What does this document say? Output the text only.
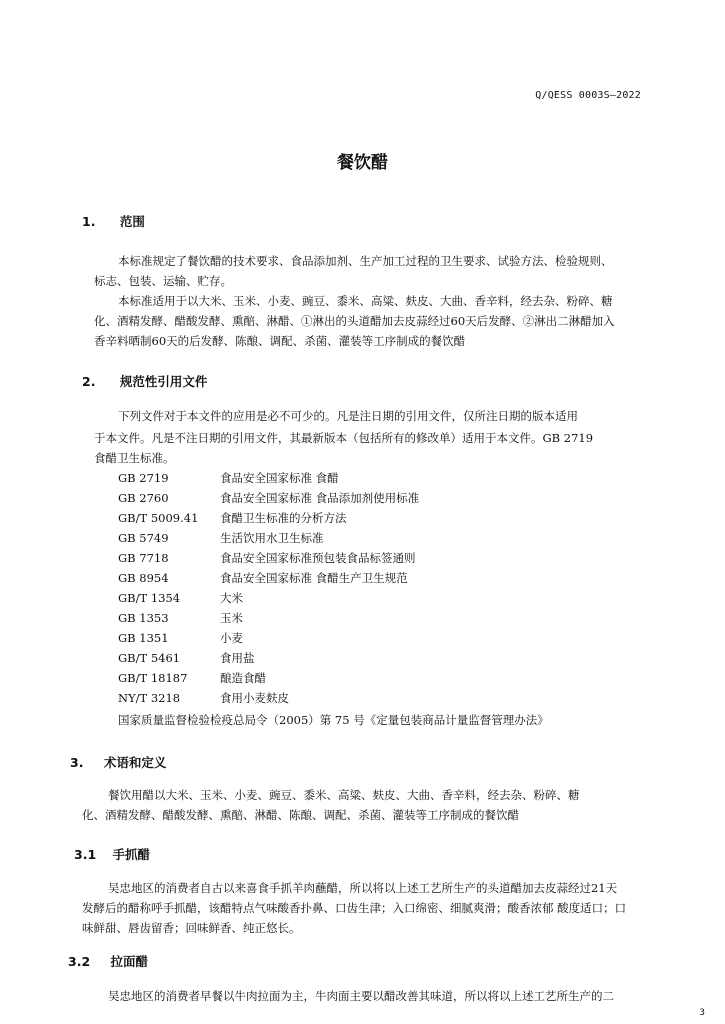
Q/QESS 0003S—2022
餐饮醋
1. 范围
本标准规定了餐饮醋的技术要求、食品添加剂、生产加工过程的卫生要求、试验方法、检验规则、
标志、包装、运输、贮存。
本标准适用于以大米、玉米、小麦、豌豆、黍米、高粱、麸皮、大曲、香辛料，经去杂、粉碎、糖
化、酒精发酵、醋酸发酵、熏醅、淋醋、①淋出的头道醋加去皮蒜经过60天后发酵、②淋出二淋醋加入
香辛料晒制60天的后发酵、陈酿、调配、杀菌、灌装等工序制成的餐饮醋
2. 规范性引用文件
下列文件对于本文件的应用是必不可少的。凡是注日期的引用文件，仅所注日期的版本适用
于本文件。凡是不注日期的引用文件，其最新版本（包括所有的修改单）适用于本文件。GB 2719
食醋卫生标准。
GB 2719	食品安全国家标准 食醋
GB 2760	食品安全国家标准 食品添加剂使用标准
GB/T 5009.41 食醋卫生标准的分析方法
GB 5749	生活饮用水卫生标准
GB 7718	食品安全国家标准预包装食品标签通则
GB 8954	食品安全国家标准 食醋生产卫生规范
GB/T 1354	大米
GB 1353	玉米
GB 1351	小麦
GB/T 5461	食用盐
GB/T 18187	酿造食醋
NY/T 3218	食用小麦麸皮
国家质量监督检验检疫总局令（2005）第 75 号《定量包装商品计量监督管理办法》
3. 术语和定义
餐饮用醋以大米、玉米、小麦、豌豆、黍米、高粱、麸皮、大曲、香辛料，经去杂、粉碎、糖
化、酒精发酵、醋酸发酵、熏醅、淋醋、陈酿、调配、杀菌、灌装等工序制成的餐饮醋
3.1 手抓醋
吴忠地区的消费者自古以来喜食手抓羊肉蘸醋，所以将以上述工艺所生产的头道醋加去皮蒜经过21天
发酵后的醋称呼手抓醋，该醋特点气味酸香扑鼻、口齿生津；入口绵密、细腻爽滑；酸香浓郁 酸度适口；口
味鲜甜、唇齿留香；回味鲜香、纯正悠长。
3.2 拉面醋
吴忠地区的消费者早餐以牛肉拉面为主，牛肉面主要以醋改善其味道，所以将以上述工艺所生产的二
3
